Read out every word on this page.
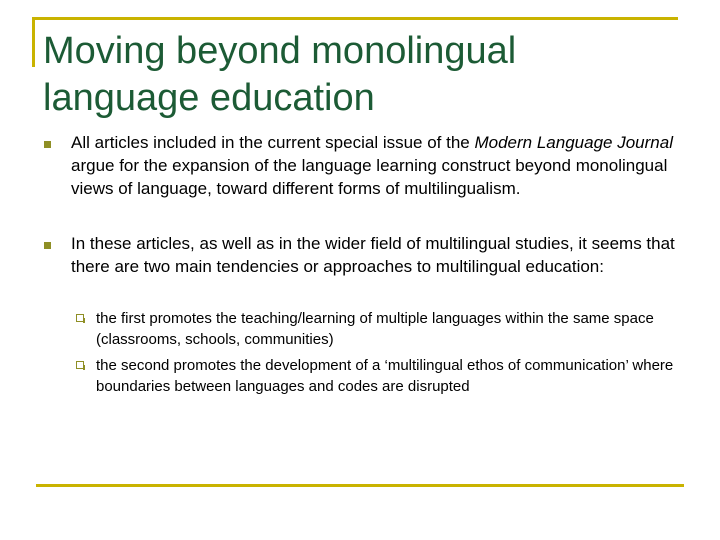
Moving beyond monolingual
language education
All articles included in the current special issue of the Modern Language Journal argue for the expansion of the language learning construct beyond monolingual views of language, toward different forms of multilingualism.
In these articles, as well as in the wider field of multilingual studies, it seems that there are two main tendencies or approaches to multilingual education:
the first promotes the teaching/learning of multiple languages within the same space (classrooms, schools, communities)
the second promotes the development of a ‘multilingual ethos of communication’ where boundaries between languages and codes are disrupted
